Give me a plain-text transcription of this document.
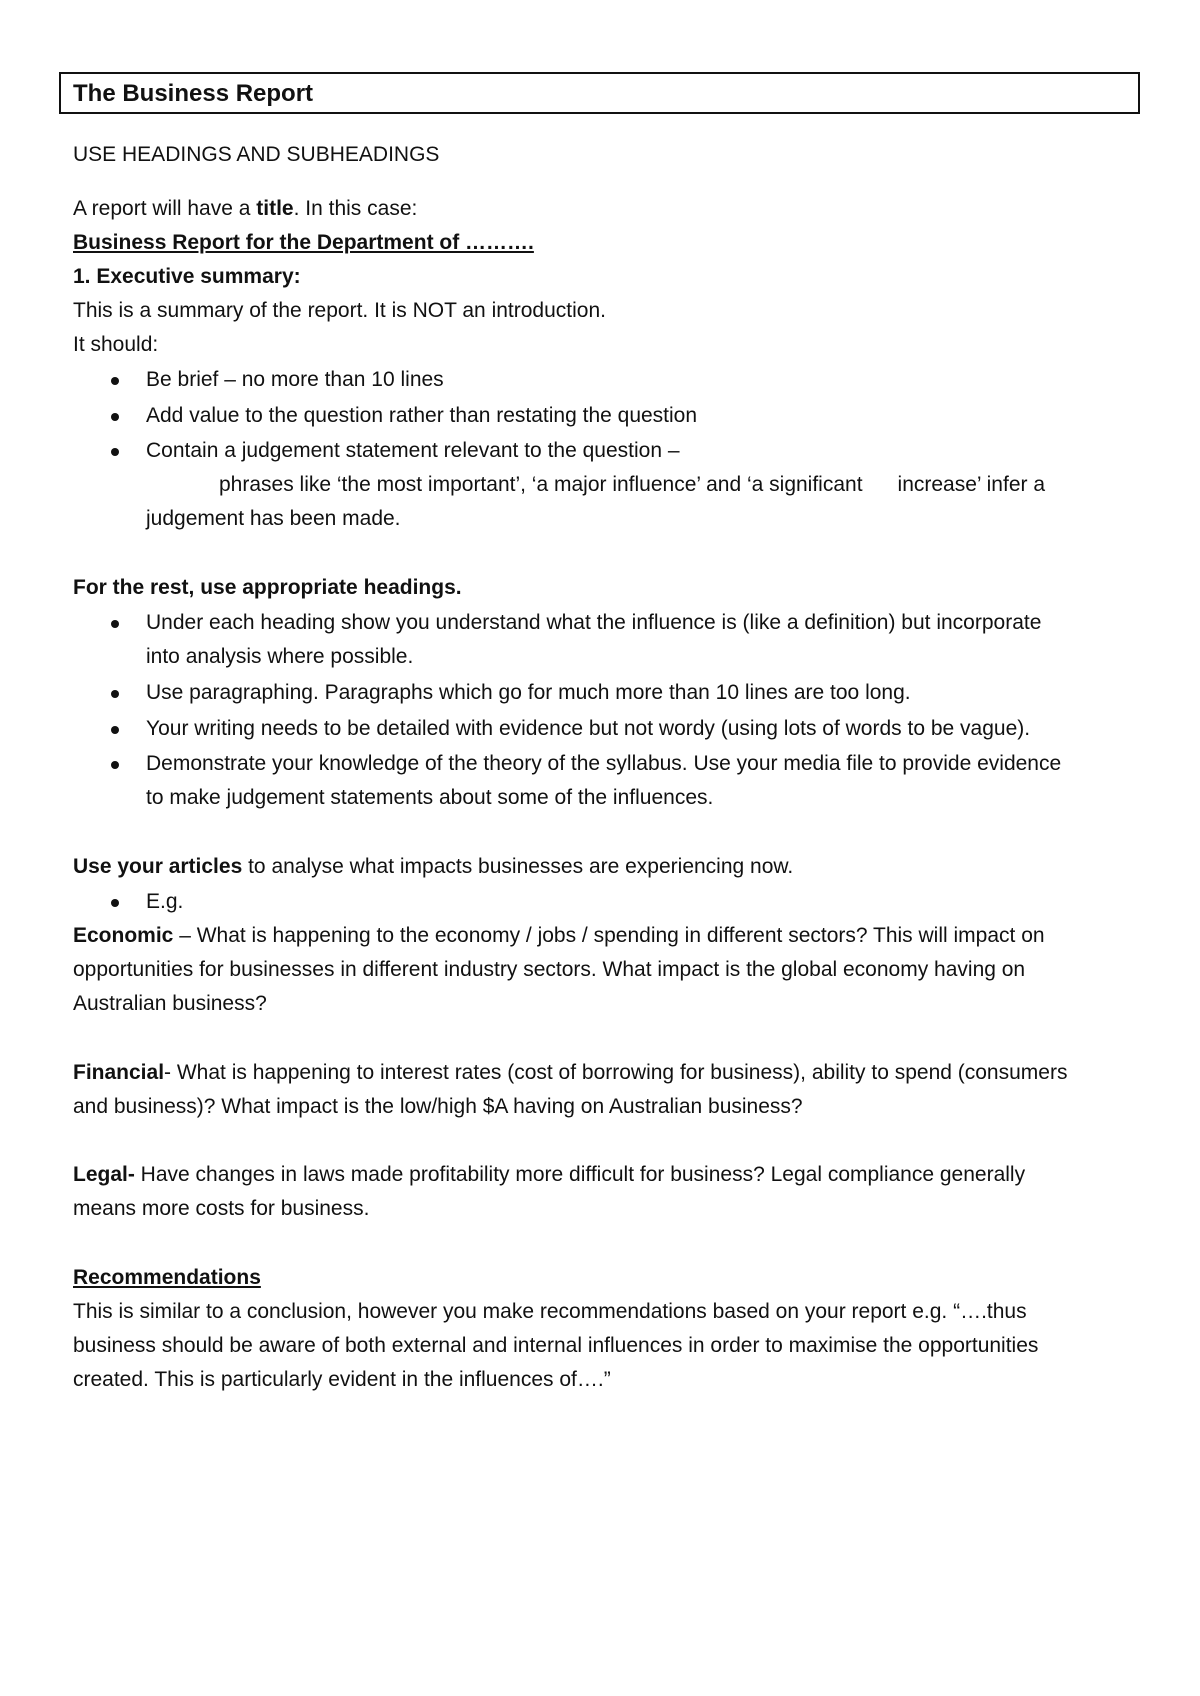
The Business Report
USE HEADINGS AND SUBHEADINGS
A report will have a title. In this case:
Business Report for the Department of ……….
1. Executive summary:
This is a summary of the report. It is NOT an introduction.
It should:
Be brief – no more than 10 lines
Add value to the question rather than restating the question
Contain a judgement statement relevant to the question –
phrases like ‘the most important’, ‘a major influence’ and ‘a significant      increase’ infer a
judgement has been made.
For the rest, use appropriate headings.
Under each heading show you understand what the influence is (like a definition) but incorporate
into analysis where possible.
Use paragraphing. Paragraphs which go for much more than 10 lines are too long.
Your writing needs to be detailed with evidence but not wordy (using lots of words to be vague).
Demonstrate your knowledge of the theory of the syllabus. Use your media file to provide evidence
to make judgement statements about some of the influences.
Use your articles to analyse what impacts businesses are experiencing now.
E.g.
Economic – What is happening to the economy / jobs / spending in different sectors? This will impact on
opportunities for businesses in different industry sectors. What impact is the global economy having on
Australian business?
Financial- What is happening to interest rates (cost of borrowing for business), ability to spend (consumers
and business)? What impact is the low/high $A having on Australian business?
Legal- Have changes in laws made profitability more difficult for business? Legal compliance generally
means more costs for business.
Recommendations
This is similar to a conclusion, however you make recommendations based on your report e.g. “….thus
business should be aware of both external and internal influences in order to maximise the opportunities
created. This is particularly evident in the influences of….”
